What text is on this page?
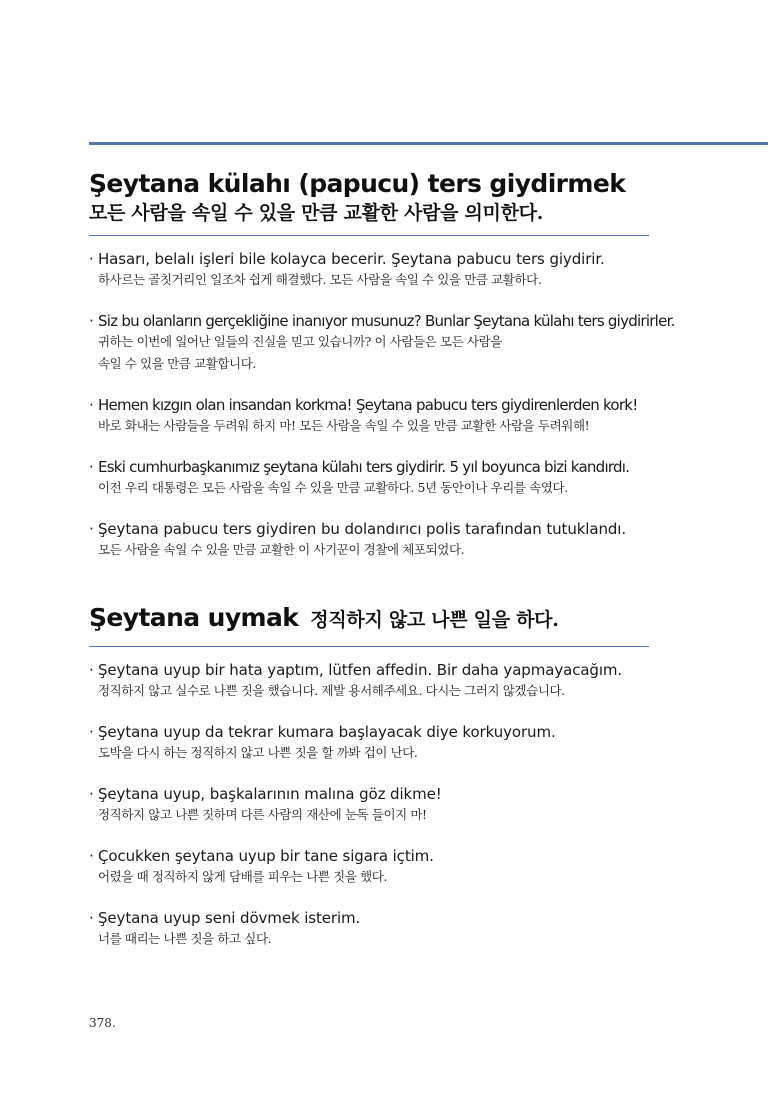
Şeytana külahı (papucu) ters giydirmek
모든 사람을 속일 수 있을 만큼 교활한 사람을 의미한다.
· Hasarı, belalı işleri bile kolayca becerir. Şeytana pabucu ters giydirir.
하사르는 골칫거리인 일조차 쉽게 해결했다. 모든 사람을 속일 수 있을 만큼 교활하다.
· Siz bu olanların gerçekliğine inanıyor musunuz? Bunlar Şeytana külahı ters giydirirler.
귀하는 이번에 일어난 일들의 진실을 믿고 있습니까? 이 사람들은 모든 사람을
속일 수 있을 만큼 교활합니다.
· Hemen kızgın olan insandan korkma! Şeytana pabucu ters giydirenlerden kork!
바로 화내는 사람들을 두려워 하지 마! 모든 사람을 속일 수 있을 만큼 교활한 사람을 두려워해!
· Eski cumhurbaşkanımız şeytana külahı ters giydirir. 5 yıl boyunca bizi kandırdı.
이전 우리 대통령은 모든 사람을 속일 수 있을 만큼 교활하다. 5년 동안이나 우리를 속였다.
· Şeytana pabucu ters giydiren bu dolandırıcı polis tarafından tutuklandı.
모든 사람을 속일 수 있을 만큼 교활한 이 사기꾼이 경찰에 체포되었다.
Şeytana uymak 정직하지 않고 나쁜 일을 하다.
· Şeytana uyup bir hata yaptım, lütfen affedin. Bir daha yapmayacağım.
정직하지 않고 실수로 나쁜 짓을 했습니다. 제발 용서해주세요. 다시는 그러지 않겠습니다.
· Şeytana uyup da tekrar kumara başlayacak diye korkuyorum.
도박을 다시 하는 정직하지 않고 나쁜 짓을 할 까봐 겁이 난다.
· Şeytana uyup, başkalarının malına göz dikme!
정직하지 않고 나쁜 짓하며 다른 사람의 재산에 눈독 들이지 마!
· Çocukken şeytana uyup bir tane sigara içtim.
어렸을 때 정직하지 않게 담배를 피우는 나쁜 짓을 했다.
· Şeytana uyup seni dövmek isterim.
너를 때리는 나쁜 짓을 하고 싶다.
378.
